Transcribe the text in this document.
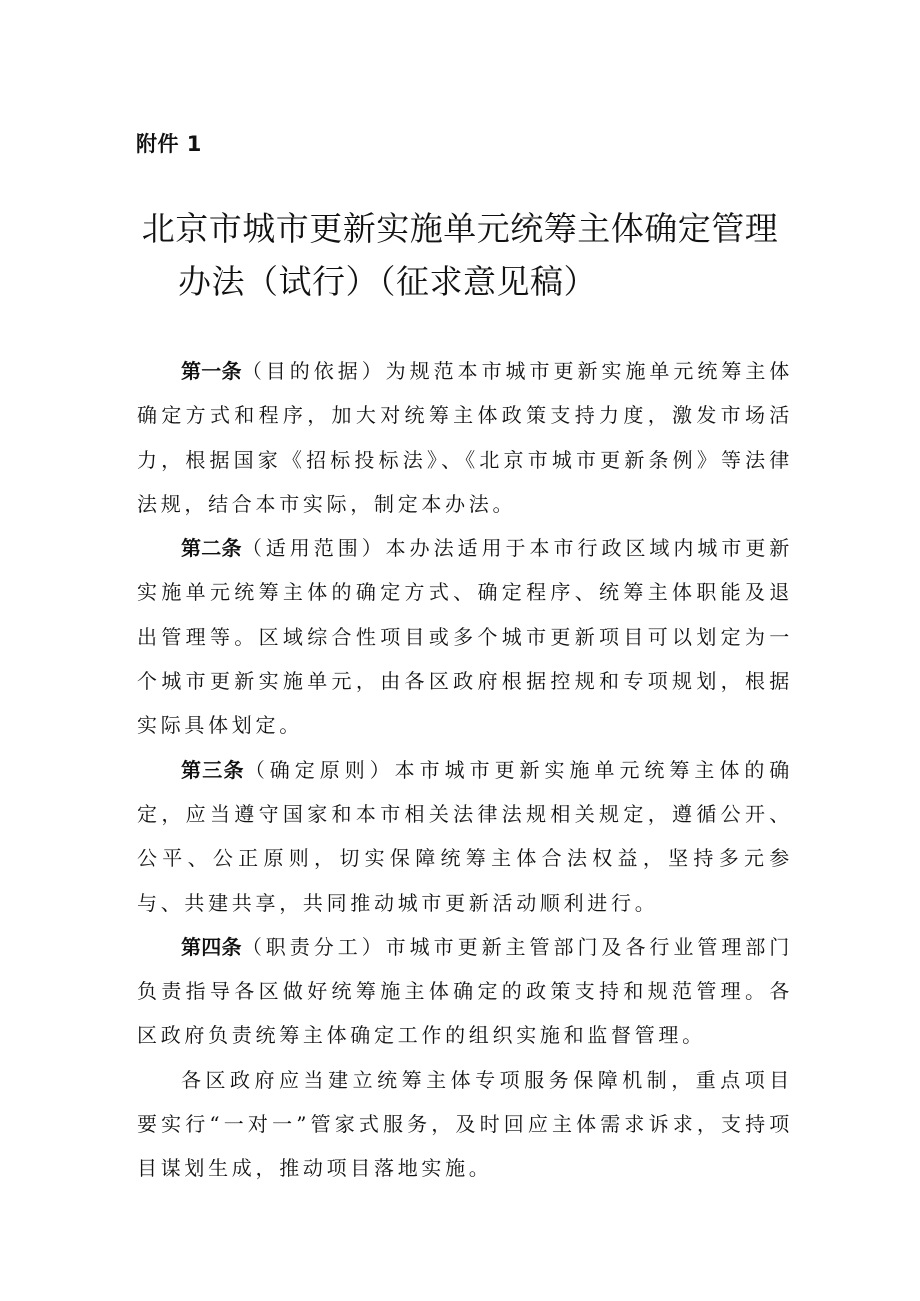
附件 1
北京市城市更新实施单元统筹主体确定管理
办法（试行）（征求意见稿）

第一条（目的依据）为规范本市城市更新实施单元统筹主体确定方式和程序，加大对统筹主体政策支持力度，激发市场活力，根据国家《招标投标法》、《北京市城市更新条例》等法律法规，结合本市实际，制定本办法。

第二条（适用范围）本办法适用于本市行政区域内城市更新实施单元统筹主体的确定方式、确定程序、统筹主体职能及退出管理等。区域综合性项目或多个城市更新项目可以划定为一个城市更新实施单元，由各区政府根据控规和专项规划，根据实际具体划定。

第三条（确定原则）本市城市更新实施单元统筹主体的确定，应当遵守国家和本市相关法律法规相关规定，遵循公开、公平、公正原则，切实保障统筹主体合法权益，坚持多元参与、共建共享，共同推动城市更新活动顺利进行。

第四条（职责分工）市城市更新主管部门及各行业管理部门负责指导各区做好统筹施主体确定的政策支持和规范管理。各区政府负责统筹主体确定工作的组织实施和监督管理。

各区政府应当建立统筹主体专项服务保障机制，重点项目要实行“一对一”管家式服务，及时回应主体需求诉求，支持项目谋划生成，推动项目落地实施。
